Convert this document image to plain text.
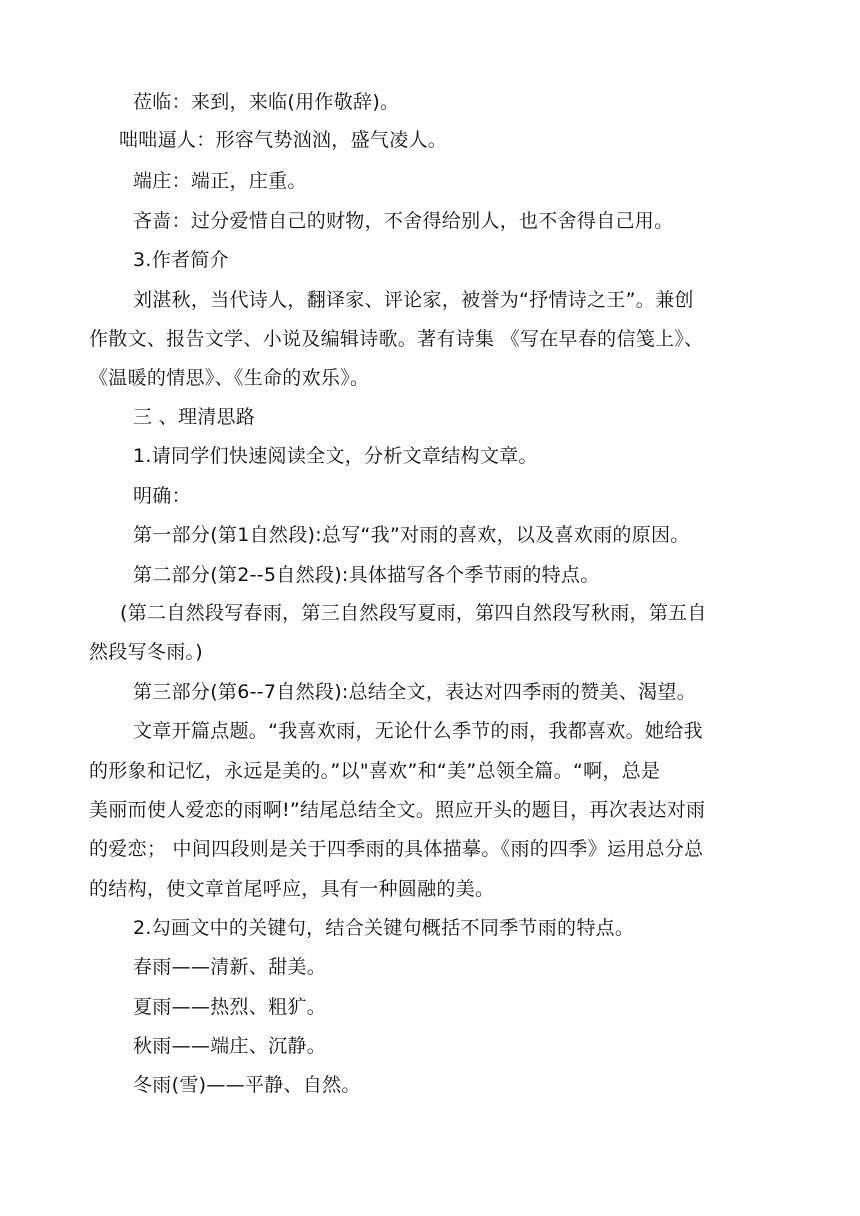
莅临：来到，来临(用作敬辞)。
咄咄逼人：形容气势汹汹，盛气凌人。
端庄：端正，庄重。
吝啬：过分爱惜自己的财物，不舍得给别人，也不舍得自己用。
3.作者简介
刘湛秋，当代诗人，翻译家、评论家，被誉为“抒情诗之王”。兼创
作散文、报告文学、小说及编辑诗歌。著有诗集 《写在早春的信笺上》、
《温暖的情思》、《生命的欢乐》。
三 、理清思路
1.请同学们快速阅读全文，分析文章结构文章。
明确：
第一部分(第1自然段):总写“我”对雨的喜欢，以及喜欢雨的原因。
第二部分(第2--5自然段):具体描写各个季节雨的特点。
(第二自然段写春雨，第三自然段写夏雨，第四自然段写秋雨，第五自
然段写冬雨。)
第三部分(第6--7自然段):总结全文，表达对四季雨的赞美、渴望。
文章开篇点题。“我喜欢雨，无论什么季节的雨，我都喜欢。她给我
的形象和记忆，永远是美的。”以"喜欢”和“美”总领全篇。“啊，总是
美丽而使人爱恋的雨啊!”结尾总结全文。照应开头的题目，再次表达对雨
的爱恋； 中间四段则是关于四季雨的具体描摹。《雨的四季》运用总分总
的结构，使文章首尾呼应，具有一种圆融的美。
2.勾画文中的关键句，结合关键句概括不同季节雨的特点。
春雨——清新、甜美。
夏雨——热烈、粗犷。
秋雨——端庄、沉静。
冬雨(雪)——平静、自然。
